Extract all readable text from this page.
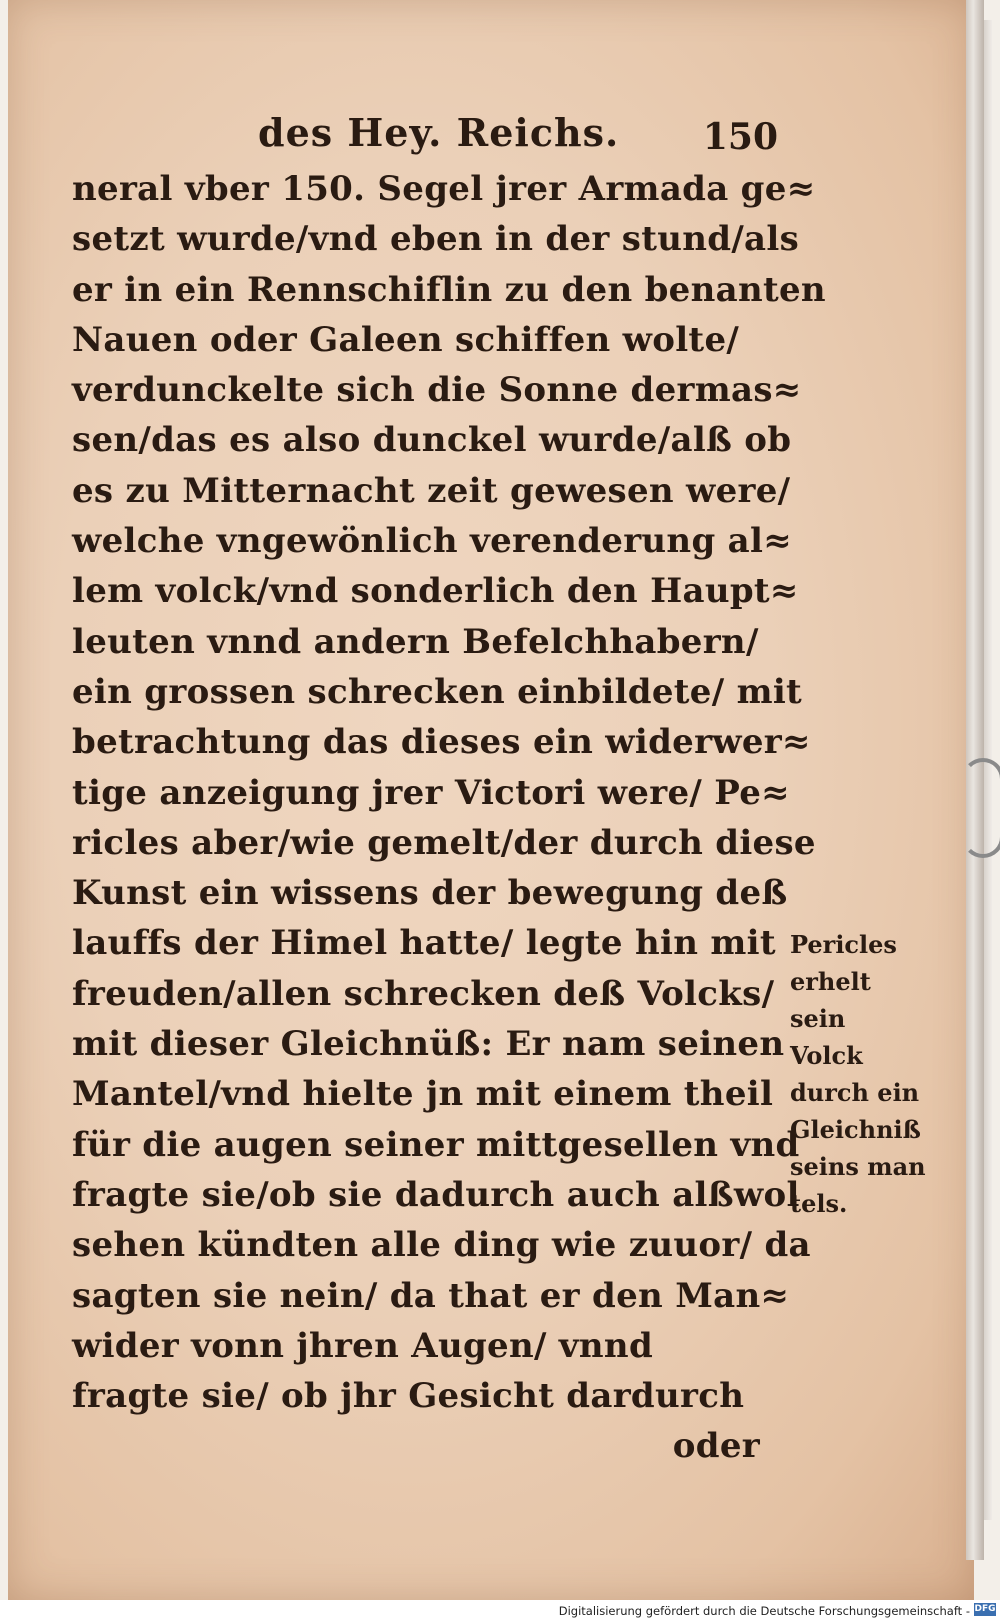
des Hey. Reichs. 150
neral vber 150. Segel jrer Armada ge≈
setzt wurde/vnd eben in der stund/als
er in ein Rennschiflin zu den benanten
Nauen oder Galeen schiffen wolte/
verdunckelte sich die Sonne dermas≈
sen/das es also dunckel wurde/alß ob
es zu Mitternacht zeit gewesen were/
welche vngewönlich verenderung al≈
lem volck/vnd sonderlich den Haupt≈
leuten vnnd andern Befelchhabern/
ein grossen schrecken einbildete/ mit
betrachtung das dieses ein widerwer≈
tige anzeigung jrer Victori were/ Pe≈
ricles aber/wie gemelt/der durch diese
Kunst ein wissens der bewegung deß
lauffs der Himel hatte/ legte hin mit
freuden/allen schrecken deß Volcks/
mit dieser Gleichnüß: Er nam seinen
Mantel/vnd hielte jn mit einem theil
für die augen seiner mittgesellen vnd
fragte sie/ob sie dadurch auch alßwol
sehen kündten alle ding wie zuuor/ da
sagten sie nein/ da that er den Man≈
wider vonn jhren Augen/ vnnd
fragte sie/ ob jhr Gesicht dardurch
oder
Pericles
erhelt sein
Volck
durch ein
Gleichniß
seins man
tels.
Digitalisierung gefördert durch die Deutsche Forschungsgemeinschaft - DFG
